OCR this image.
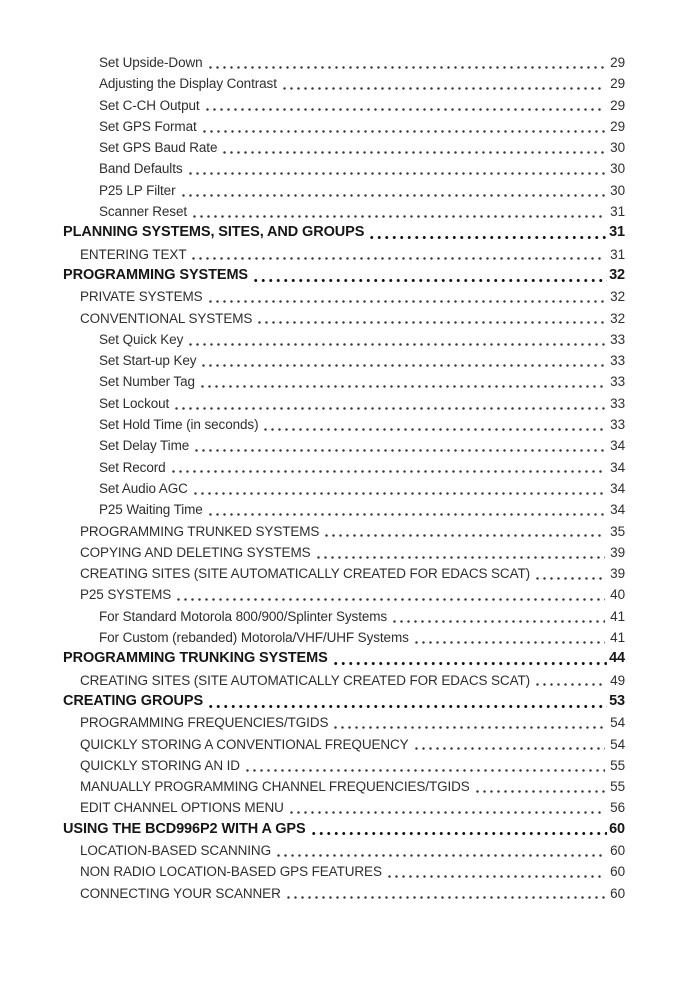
Set Upside-Down	29
Adjusting the Display Contrast	29
Set C-CH Output	29
Set GPS Format	29
Set GPS Baud Rate	30
Band Defaults	30
P25 LP Filter	30
Scanner Reset	31
PLANNING SYSTEMS, SITES, AND GROUPS	31
ENTERING TEXT	31
PROGRAMMING SYSTEMS	32
PRIVATE SYSTEMS	32
CONVENTIONAL SYSTEMS	32
Set Quick Key	33
Set Start-up Key	33
Set Number Tag	33
Set Lockout	33
Set Hold Time (in seconds)	33
Set Delay Time	34
Set Record	34
Set Audio AGC	34
P25 Waiting Time	34
PROGRAMMING TRUNKED SYSTEMS	35
COPYING AND DELETING SYSTEMS	39
CREATING SITES (SITE AUTOMATICALLY CREATED FOR EDACS SCAT)	39
P25 SYSTEMS	40
For Standard Motorola 800/900/Splinter Systems	41
For Custom (rebanded) Motorola/VHF/UHF Systems	41
PROGRAMMING TRUNKING SYSTEMS	44
CREATING SITES (SITE AUTOMATICALLY CREATED FOR EDACS SCAT)	49
CREATING GROUPS	53
PROGRAMMING FREQUENCIES/TGIDS	54
QUICKLY STORING A CONVENTIONAL FREQUENCY	54
QUICKLY STORING AN ID	55
MANUALLY PROGRAMMING CHANNEL FREQUENCIES/TGIDS	55
EDIT CHANNEL OPTIONS MENU	56
USING THE BCD996P2 WITH A GPS	60
LOCATION-BASED SCANNING	60
NON RADIO LOCATION-BASED GPS FEATURES	60
CONNECTING YOUR SCANNER	60
